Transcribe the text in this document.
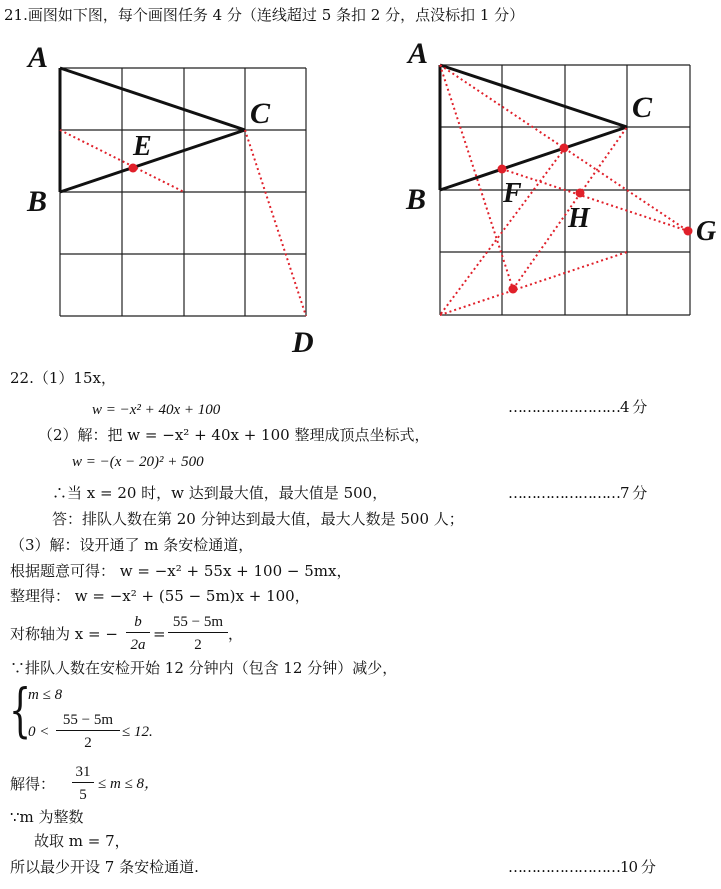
21.画图如下图，每个画图任务 4 分（连线超过 5 条扣 2 分，点没标扣 1 分）
A
B
C
E
D
A
B
C
F
H	G
22.（1）15x，
w = −x² + 40x + 100	……………………4 分
（2）解：把 w = −x² + 40x + 100 整理成顶点坐标式，
w = −(x − 20)² + 500
∴当 x = 20 时，w 达到最大值，最大值是 500，	……………………7 分
答：排队人数在第 20 分钟达到最大值，最大人数是 500 人；
（3）解：设开通了 m 条安检通道，
根据题意可得： w = −x² + 55x + 100 − 5mx，
整理得： w = −x² + (55 − 5m)x + 100，
对称轴为 x = −
b
2a
=
55 − 5m
2
，
∵排队人数在安检开始 12 分钟内（包含 12 分钟）减少，
{
m ≤ 8
0 <
55 − 5m
2
≤ 12.
解得：
31
5
≤ m ≤ 8，
∵m 为整数
故取 m = 7，
所以最少开设 7 条安检通道.	……………………10 分
